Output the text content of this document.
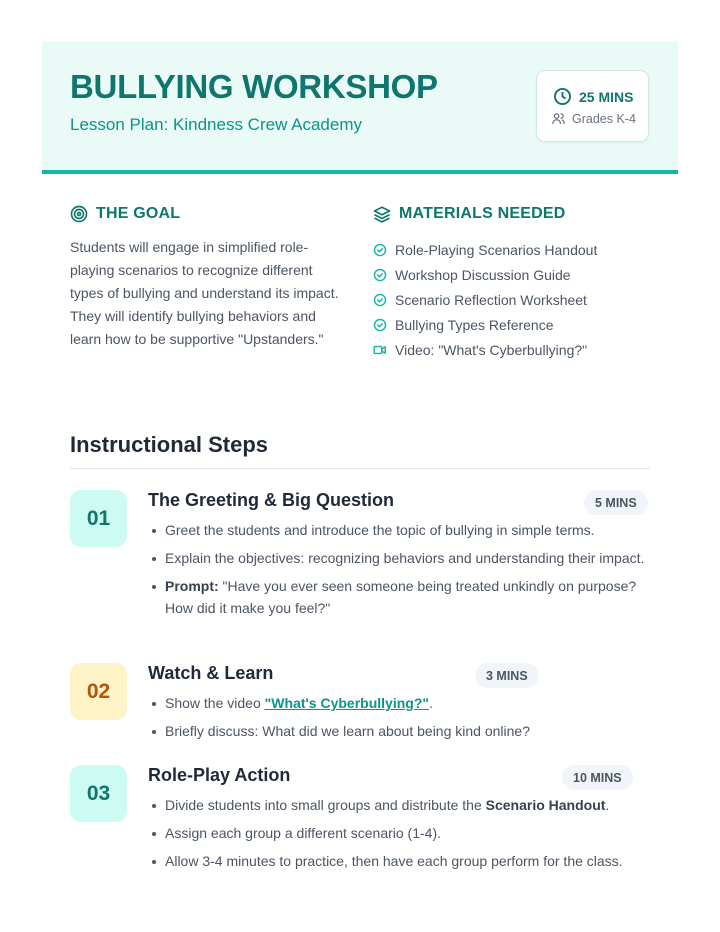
BULLYING WORKSHOP
Lesson Plan: Kindness Crew Academy
25 MINS
Grades K-4
THE GOAL

Students will engage in simplified role-playing scenarios to recognize different types of bullying and understand its impact. They will identify bullying behaviors and learn how to be supportive "Upstanders."

MATERIALS NEEDED
Role-Playing Scenarios Handout
Workshop Discussion Guide
Scenario Reflection Worksheet
Bullying Types Reference
Video: "What's Cyberbullying?"
Instructional Steps
01
The Greeting & Big Question	5 MINS
Greet the students and introduce the topic of bullying in simple terms.
Explain the objectives: recognizing behaviors and understanding their impact.
Prompt: "Have you ever seen someone being treated unkindly on purpose? How did it make you feel?"
02
Watch & Learn	3 MINS
Show the video "What's Cyberbullying?".
Briefly discuss: What did we learn about being kind online?
03
Role-Play Action	10 MINS
Divide students into small groups and distribute the Scenario Handout.
Assign each group a different scenario (1-4).
Allow 3-4 minutes to practice, then have each group perform for the class.
